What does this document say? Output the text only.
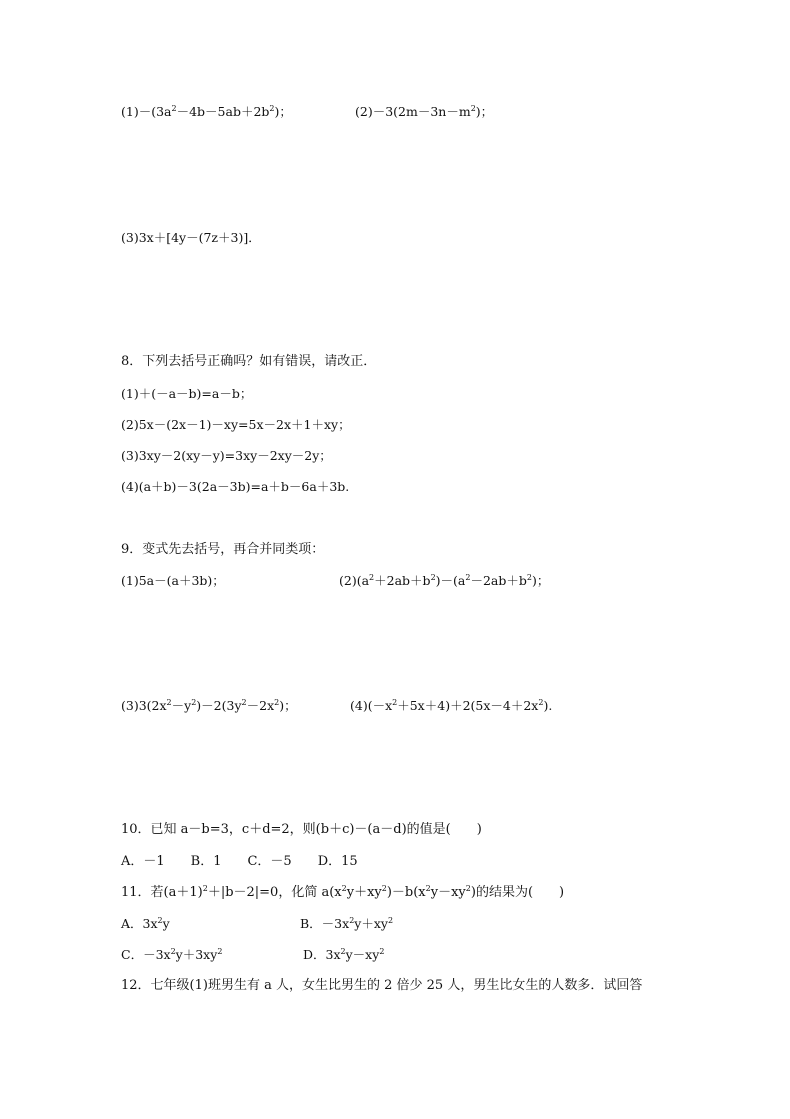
$(1)-(3a^2-4b-5ab+2b^2)$；	$(2)-3(2m-3n-m^2)$；
(3)3x＋[4y－(7z＋3)]．
8．下列去括号正确吗？如有错误，请改正．
(1)＋(－a－b)=a－b；
(2)5x－(2x－1)－xy=5x－2x＋1＋xy；
(3)3xy－2(xy－y)=3xy－2xy－2y；
(4)(a＋b)－3(2a－3b)=a＋b－6a＋3b.
9．变式先去括号，再合并同类项：
(1)5a－(a＋3b)；	$(2)(a^2+2ab+b^2)-(a^2-2ab+b^2)$；
$(3)3(2x^2-y^2)-2(3y^2-2x^2)$；	$(4)(-x^2+5x+4)+2(5x-4+2x^2)$.
10．已知 a－b=3，c＋d=2，则(b＋c)－(a－d)的值是(　　)
A．－1　　B．1　　C．－5　　D．15
11．若$(a+1)^2+|b-2|=0$，化简 $a(x^2y+xy^2)-b(x^2y-xy^2)$的结果为(　　)
A．$3x^2y$	B．$-3x^2y+xy^2$
C．$-3x^2y+3xy^2$	D．$3x^2y-xy^2$
12．七年级(1)班男生有 a 人，女生比男生的 2 倍少 25 人，男生比女生的人数多．试回答
